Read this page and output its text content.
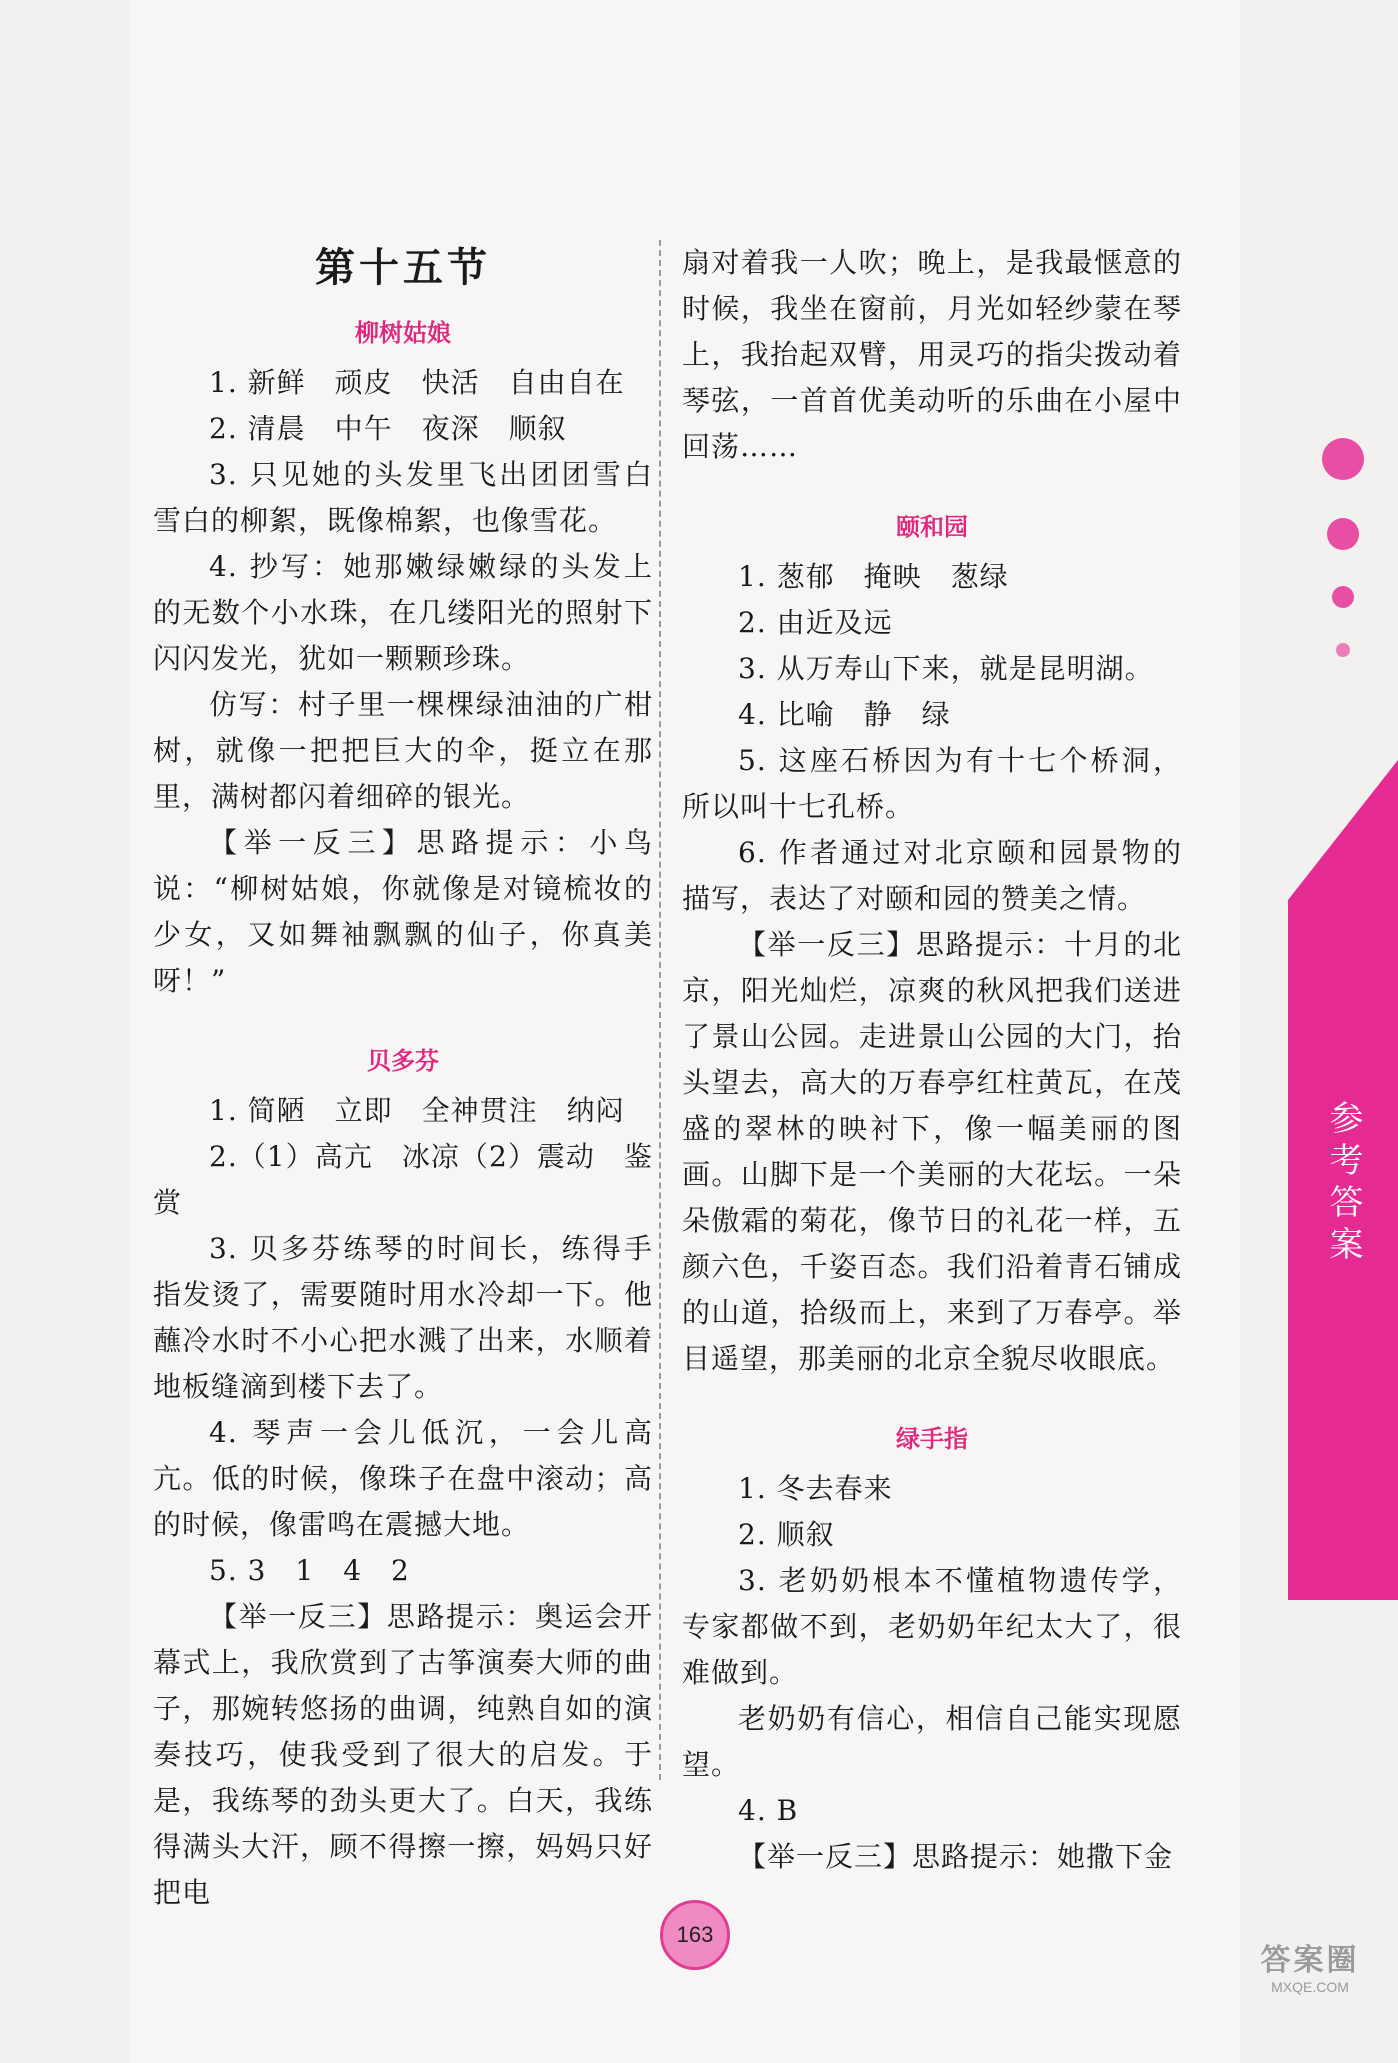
第十五节
柳树姑娘

1. 新鲜　顽皮　快活　自由自在

2. 清晨　中午　夜深　顺叙

3. 只见她的头发里飞出团团雪白雪白的柳絮，既像棉絮，也像雪花。

4. 抄写：她那嫩绿嫩绿的头发上的无数个小水珠，在几缕阳光的照射下闪闪发光，犹如一颗颗珍珠。

仿写：村子里一棵棵绿油油的广柑树，就像一把把巨大的伞，挺立在那里，满树都闪着细碎的银光。

【举一反三】思路提示：小鸟说：“柳树姑娘，你就像是对镜梳妆的少女，又如舞袖飘飘的仙子，你真美呀！”

贝多芬

1. 简陋　立即　全神贯注　纳闷

2.（1）高亢　冰凉（2）震动　鉴赏

3. 贝多芬练琴的时间长，练得手指发烫了，需要随时用水冷却一下。他蘸冷水时不小心把水溅了出来，水顺着地板缝滴到楼下去了。

4. 琴声一会儿低沉，一会儿高亢。低的时候，像珠子在盘中滚动；高的时候，像雷鸣在震撼大地。

5. 3　1　4　2

【举一反三】思路提示：奥运会开幕式上，我欣赏到了古筝演奏大师的曲子，那婉转悠扬的曲调，纯熟自如的演奏技巧，使我受到了很大的启发。于是，我练琴的劲头更大了。白天，我练得满头大汗，顾不得擦一擦，妈妈只好把电

扇对着我一人吹；晚上，是我最惬意的时候，我坐在窗前，月光如轻纱蒙在琴上，我抬起双臂，用灵巧的指尖拨动着琴弦，一首首优美动听的乐曲在小屋中回荡……

颐和园

1. 葱郁　掩映　葱绿

2. 由近及远

3. 从万寿山下来，就是昆明湖。

4. 比喻　静　绿

5. 这座石桥因为有十七个桥洞，所以叫十七孔桥。

6. 作者通过对北京颐和园景物的描写，表达了对颐和园的赞美之情。

【举一反三】思路提示：十月的北京，阳光灿烂，凉爽的秋风把我们送进了景山公园。走进景山公园的大门，抬头望去，高大的万春亭红柱黄瓦，在茂盛的翠林的映衬下，像一幅美丽的图画。山脚下是一个美丽的大花坛。一朵朵傲霜的菊花，像节日的礼花一样，五颜六色，千姿百态。我们沿着青石铺成的山道，拾级而上，来到了万春亭。举目遥望，那美丽的北京全貌尽收眼底。

绿手指

1. 冬去春来

2. 顺叙

3. 老奶奶根本不懂植物遗传学，专家都做不到，老奶奶年纪太大了，很难做到。

老奶奶有信心，相信自己能实现愿望。

4. B

【举一反三】思路提示：她撒下金

参考答案
163
答案圈
MXQE.COM
